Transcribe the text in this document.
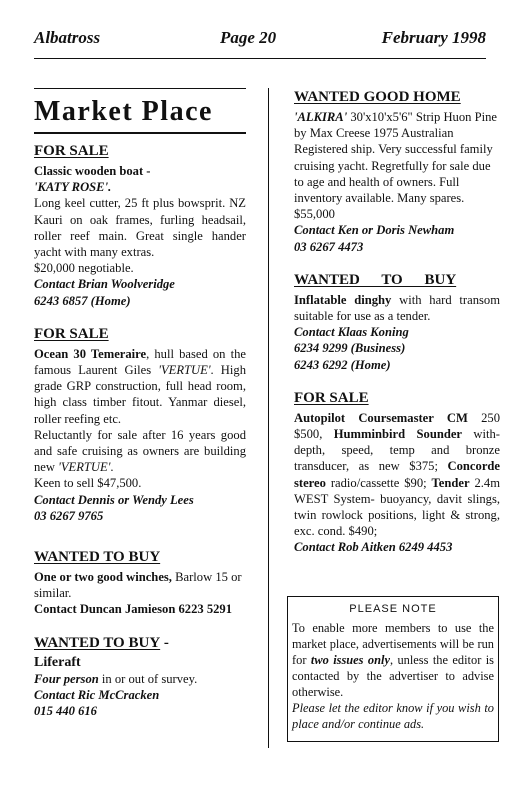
Albatross	Page 20	February 1998
Market Place
FOR SALE

Classic wooden boat -

'KATY ROSE'.

Long keel cutter, 25 ft plus bowsprit. NZ Kauri on oak frames, furling headsail, roller reef main. Great single hander yacht with many extras.

$20,000 negotiable.

Contact Brian Woolveridge

6243 6857 (Home)

FOR SALE

Ocean 30 Temeraire, hull based on the famous Laurent Giles 'VERTUE'. High grade GRP construction, full head room, high class timber fitout. Yanmar diesel, roller reefing etc.

Reluctantly for sale after 16 years good and safe cruising as owners are building new 'VERTUE'.

Keen to sell $47,500.

Contact Dennis or Wendy Lees

03 6267 9765

WANTED TO BUY

One or two good winches, Barlow 15 or similar.

Contact Duncan Jamieson 6223 5291

WANTED TO BUY -

Liferaft

Four person in or out of survey.

Contact Ric McCracken

015 440 616

WANTED GOOD HOME

'ALKIRA' 30'x10'x5'6" Strip Huon Pine by Max Creese 1975 Australian Registered ship. Very successful family cruising yacht. Regretfully for sale due to age and health of owners. Full inventory available. Many spares. $55,000

Contact Ken or Doris Newham

03 6267 4473

WANTED TO BUY

Inflatable dinghy with hard transom suitable for use as a tender.

Contact Klaas Koning

6234 9299 (Business)

6243 6292 (Home)

FOR SALE

Autopilot Coursemaster CM 250 $500, Humminbird Sounder with-depth, speed, temp and bronze transducer, as new $375; Concorde stereo radio/cassette $90; Tender 2.4m WEST System- buoyancy, davit slings, twin rowlock positions, light & strong, exc. cond. $490;

Contact Rob Aitken 6249 4453

PLEASE NOTE

To enable more members to use the market place, advertisements will be run for two issues only, unless the editor is contacted by the advertiser to advise otherwise.

Please let the editor know if you wish to place and/or continue ads.
